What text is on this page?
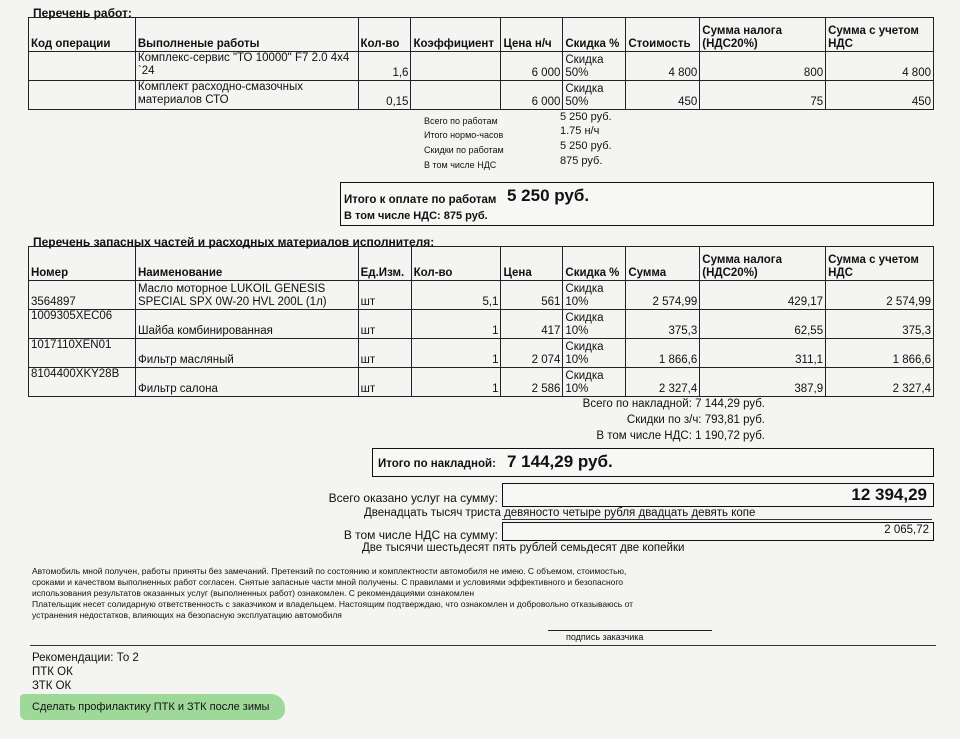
Перечень работ:
Код операции	Выполненые работы	Кол-во	Коэффициент	Цена н/ч	Скидка %	Стоимость	Сумма налога (НДС20%)	Сумма с учетом НДС
	Комплекс-сервис "ТО 10000" F7 2.0 4x4 `24	1,6		6 000	Скидка 50%	4 800	800	4 800
	Комплект расходно-смазочных материалов СТО	0,15		6 000	Скидка 50%	450	75	450
Всего по работам	5 250 руб.
Итого нормо-часов	1.75 н/ч
Скидки по работам	5 250 руб.
В том числе НДС	875 руб.
Итого к оплате по работам 5 250 руб.
В том числе НДС: 875 руб.
Перечень запасных частей и расходных материалов исполнителя:
Номер	Наименование	Ед.Изм.	Кол-во	Цена	Скидка %	Сумма	Сумма налога (НДС20%)	Сумма с учетом НДС
3564897	Масло моторное LUKOIL GENESIS SPECIAL SPX 0W-20 HVL 200L (1л)	шт	5,1	561	Скидка 10%	2 574,99	429,17	2 574,99
1009305XEC06	Шайба комбинированная	шт	1	417	Скидка 10%	375,3	62,55	375,3
1017110XEN01	Фильтр масляный	шт	1	2 074	Скидка 10%	1 866,6	311,1	1 866,6
8104400XKY28B	Фильтр салона	шт	1	2 586	Скидка 10%	2 327,4	387,9	2 327,4
Всего по накладной: 7 144,29 руб.
Скидки по з/ч: 793,81 руб.
В том числе НДС: 1 190,72 руб.
Итого по накладной: 7 144,29 руб.
Всего оказано услуг на сумму:	12 394,29
Двенадцать тысяч триста девяносто четыре рубля двадцать девять копе
В том числе НДС на сумму:	2 065,72
Две тысячи шестьдесят пять рублей семьдесят две копейки
Автомобиль мной получен, работы приняты без замечаний. Претензий по состоянию и комплектности автомобиля не имею. С объемом, стоимостью,
сроками и качеством выполненных работ согласен. Снятые запасные части мной получены. С правилами и условиями эффективного и безопасного
использования результатов оказанных услуг (выполненных работ) ознакомлен. С рекомендациями ознакомлен
Плательщик несет солидарную ответственность с заказчиком и владельцем. Настоящим подтверждаю, что ознакомлен и добровольно отказываюсь от
устранения недостатков, влияющих на безопасную эксплуатацию автомобиля
подпись заказчика
Рекомендации: То 2
ПТК ОК
ЗТК ОК
Сделать профилактику ПТК и ЗТК после зимы
